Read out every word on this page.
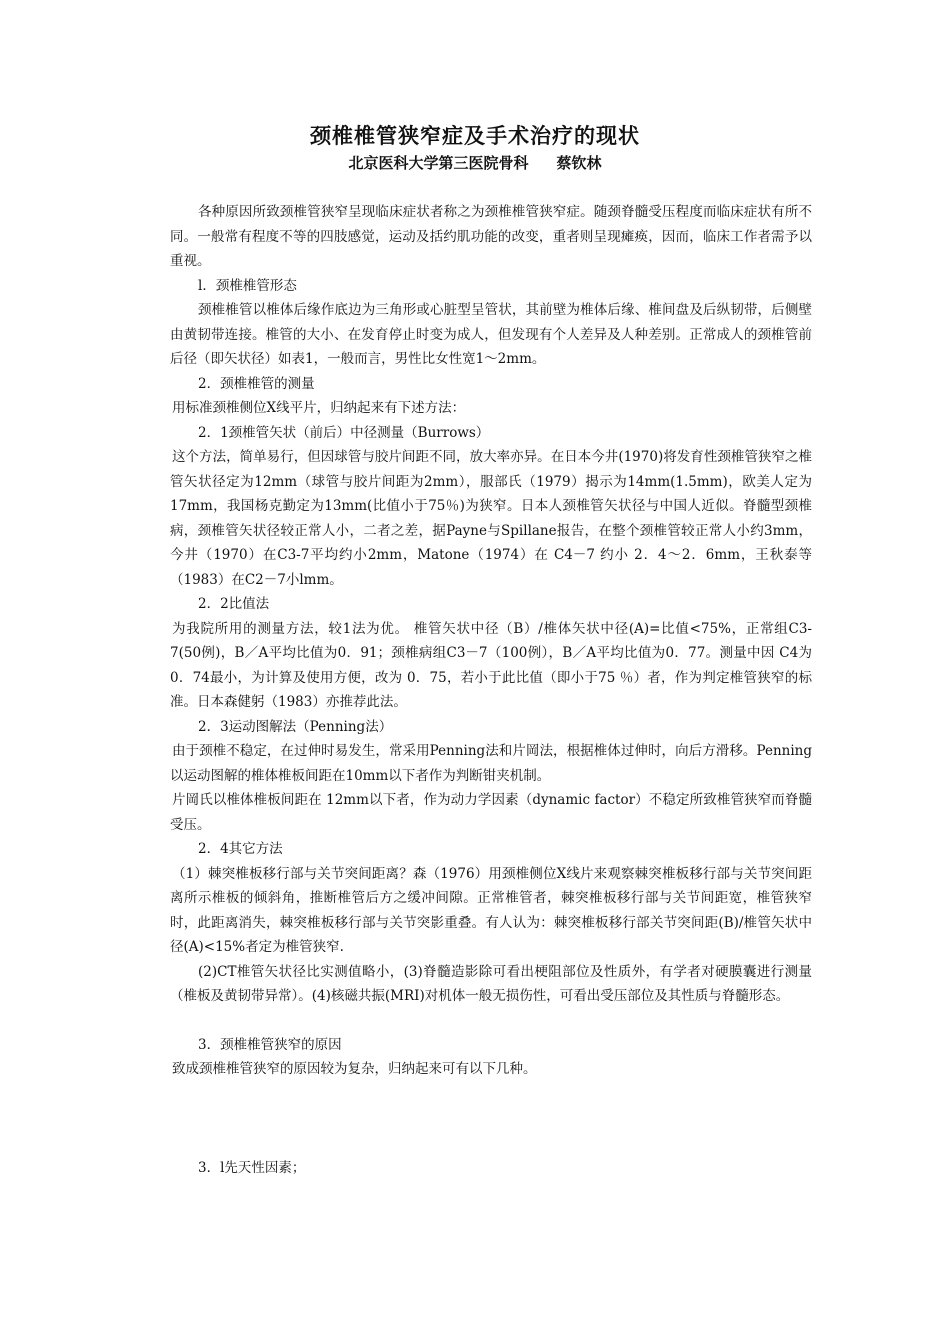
颈椎椎管狭窄症及手术治疗的现状
北京医科大学第三医院骨科 蔡钦林

各种原因所致颈椎管狭窄呈现临床症状者称之为颈椎椎管狭窄症。随颈脊髓受压程度而临床症状有所不同。一般常有程度不等的四肢感觉，运动及括约肌功能的改变，重者则呈现瘫痪，因而，临床工作者需予以重视。

l．颈椎椎管形态

颈椎椎管以椎体后缘作底边为三角形或心脏型呈管状，其前壁为椎体后缘、椎间盘及后纵韧带，后侧壁由黄韧带连接。椎管的大小、在发育停止时变为成人，但发现有个人差异及人种差别。正常成人的颈椎管前后径（即矢状径）如表1，一般而言，男性比女性宽1～2mm。

2．颈椎椎管的测量

用标准颈椎侧位X线平片，归纳起来有下述方法：

2．1颈椎管矢状（前后）中径测量（Burrows）

这个方法，简单易行，但因球管与胶片间距不同，放大率亦异。在日本今井(1970)将发育性颈椎管狭窄之椎管矢状径定为12mm（球管与胶片间距为2mm），服部氏（1979）揭示为14mm(1.5mm)，欧美人定为17mm，我国杨克勤定为13mm(比值小于75％)为狭窄。日本人颈椎管矢状径与中国人近似。脊髓型颈椎病，颈椎管矢状径较正常人小，二者之差，据Payne与Spillane报告，在整个颈椎管较正常人小约3mm，今井（1970）在C3-7平均约小2mm，Matone（1974）在 C4－7 约小 2．4～2．6mm，王秋泰等（1983）在C2－7小lmm。

2．2比值法

为我院所用的测量方法，较1法为优。 椎管矢状中径（B）/椎体矢状中径(A)=比值<75%，正常组C3-7(50例)，B／A平均比值为0．91；颈椎病组C3－7（100例），B／A平均比值为0．77。测量中因 C4为 0．74最小，为计算及使用方便，改为 0．75，若小于此比值（即小于75 ％）者，作为判定椎管狭窄的标准。日本森健躬（1983）亦推荐此法。

2．3运动图解法（Penning法）

由于颈椎不稳定，在过伸时易发生，常采用Penning法和片岡法，根据椎体过伸时，向后方滑移。Penning以运动图解的椎体椎板间距在10mm以下者作为判断钳夹机制。

片岡氏以椎体椎板间距在 12mm以下者，作为动力学因素（dynamic factor）不稳定所致椎管狭窄而脊髓受压。

2．4其它方法

（1）棘突椎板移行部与关节突间距离？森（1976）用颈椎侧位X线片来观察棘突椎板移行部与关节突间距离所示椎板的倾斜角，推断椎管后方之缓冲间隙。正常椎管者，棘突椎板移行部与关节间距宽，椎管狭窄时，此距离消失，棘突椎板移行部与关节突影重叠。有人认为：棘突椎板移行部关节突间距(B)/椎管矢状中径(A)<15%者定为椎管狭窄.

(2)CT椎管矢状径比实测值略小，(3)脊髓造影除可看出梗阻部位及性质外，有学者对硬膜囊进行测量（椎板及黄韧带异常）。(4)核磁共振(MRI)对机体一般无损伤性，可看出受压部位及其性质与脊髓形态。

3．颈椎椎管狭窄的原因

致成颈椎椎管狭窄的原因较为复杂，归纳起来可有以下几种。

3．l先天性因素；
